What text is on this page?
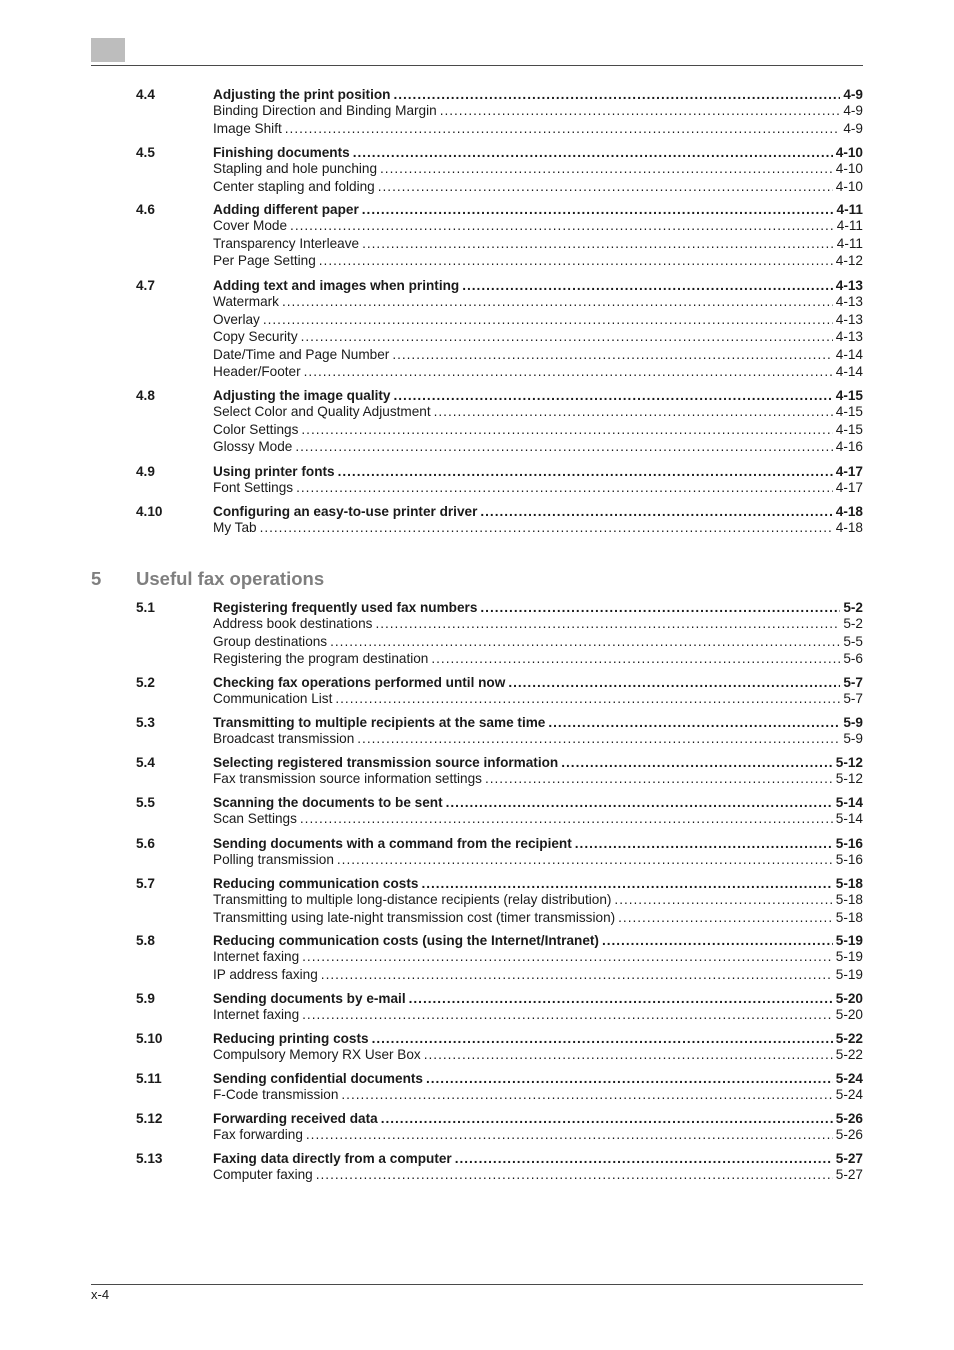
5 Useful fax operations
4.4	Adjusting the print position .....	4-9
Binding Direction and Binding Margin .....	4-9
Image Shift .....	4-9
4.5	Finishing documents .....	4-10
Stapling and hole punching .....	4-10
Center stapling and folding .....	4-10
4.6	Adding different paper .....	4-11
Cover Mode .....	4-11
Transparency Interleave .....	4-11
Per Page Setting .....	4-12
4.7	Adding text and images when printing .....	4-13
Watermark .....	4-13
Overlay .....	4-13
Copy Security .....	4-13
Date/Time and Page Number .....	4-14
Header/Footer .....	4-14
4.8	Adjusting the image quality .....	4-15
Select Color and Quality Adjustment .....	4-15
Color Settings .....	4-15
Glossy Mode .....	4-16
4.9	Using printer fonts .....	4-17
Font Settings .....	4-17
4.10	Configuring an easy-to-use printer driver .....	4-18
My Tab .....	4-18
5.1	Registering frequently used fax numbers .....	5-2
Address book destinations .....	5-2
Group destinations .....	5-5
Registering the program destination .....	5-6
5.2	Checking fax operations performed until now .....	5-7
Communication List .....	5-7
5.3	Transmitting to multiple recipients at the same time .....	5-9
Broadcast transmission .....	5-9
5.4	Selecting registered transmission source information .....	5-12
Fax transmission source information settings .....	5-12
5.5	Scanning the documents to be sent .....	5-14
Scan Settings .....	5-14
5.6	Sending documents with a command from the recipient .....	5-16
Polling transmission .....	5-16
5.7	Reducing communication costs .....	5-18
Transmitting to multiple long-distance recipients (relay distribution) .....	5-18
Transmitting using late-night transmission cost (timer transmission) .....	5-18
5.8	Reducing communication costs (using the Internet/Intranet) .....	5-19
Internet faxing .....	5-19
IP address faxing .....	5-19
5.9	Sending documents by e-mail .....	5-20
Internet faxing .....	5-20
5.10	Reducing printing costs .....	5-22
Compulsory Memory RX User Box .....	5-22
5.11	Sending confidential documents .....	5-24
F-Code transmission .....	5-24
5.12	Forwarding received data .....	5-26
Fax forwarding .....	5-26
5.13	Faxing data directly from a computer .....	5-27
Computer faxing .....	5-27
x-4
